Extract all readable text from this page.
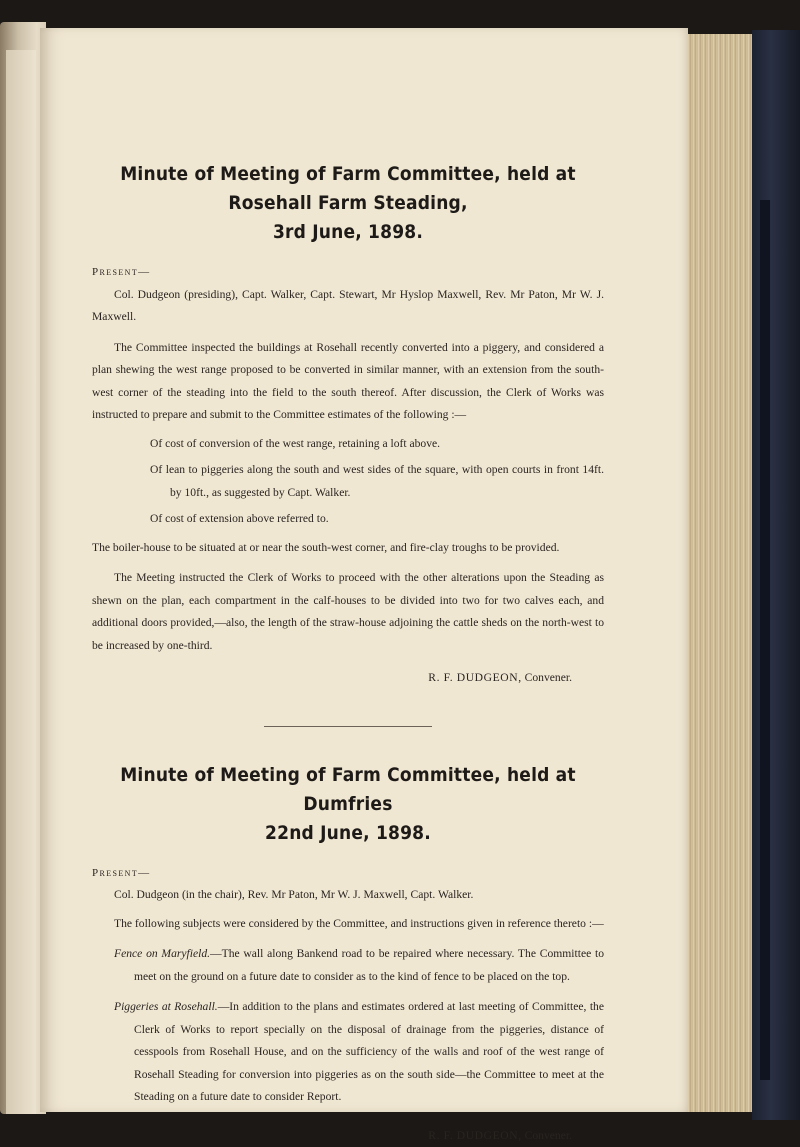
Minute of Meeting of Farm Committee, held at Rosehall Farm Steading,
3rd June, 1898.
Present—

Col. Dudgeon (presiding), Capt. Walker, Capt. Stewart, Mr Hyslop Maxwell, Rev. Mr Paton, Mr W. J. Maxwell.

The Committee inspected the buildings at Rosehall recently converted into a piggery, and considered a plan shewing the west range proposed to be converted in similar manner, with an extension from the south-west corner of the steading into the field to the south thereof. After discussion, the Clerk of Works was instructed to prepare and submit to the Committee estimates of the following :—

Of cost of conversion of the west range, retaining a loft above.

Of lean to piggeries along the south and west sides of the square, with open courts in front 14ft. by 10ft., as suggested by Capt. Walker.

Of cost of extension above referred to.

The boiler-house to be situated at or near the south-west corner, and fire-clay troughs to be provided.

The Meeting instructed the Clerk of Works to proceed with the other alterations upon the Steading as shewn on the plan, each compartment in the calf-houses to be divided into two for two calves each, and additional doors provided,—also, the length of the straw-house adjoining the cattle sheds on the north-west to be increased by one-third.

R. F. DUDGEON, Convener.
Minute of Meeting of Farm Committee, held at Dumfries
22nd June, 1898.
Present—

Col. Dudgeon (in the chair), Rev. Mr Paton, Mr W. J. Maxwell, Capt. Walker.

The following subjects were considered by the Committee, and instructions given in reference thereto :—

Fence on Maryfield.—The wall along Bankend road to be repaired where necessary. The Committee to meet on the ground on a future date to consider as to the kind of fence to be placed on the top.

Piggeries at Rosehall.—In addition to the plans and estimates ordered at last meeting of Committee, the Clerk of Works to report specially on the disposal of drainage from the piggeries, distance of cesspools from Rosehall House, and on the sufficiency of the walls and roof of the west range of Rosehall Steading for conversion into piggeries as on the south side—the Committee to meet at the Steading on a future date to consider Report.

R. F. DUDGEON, Convener.
